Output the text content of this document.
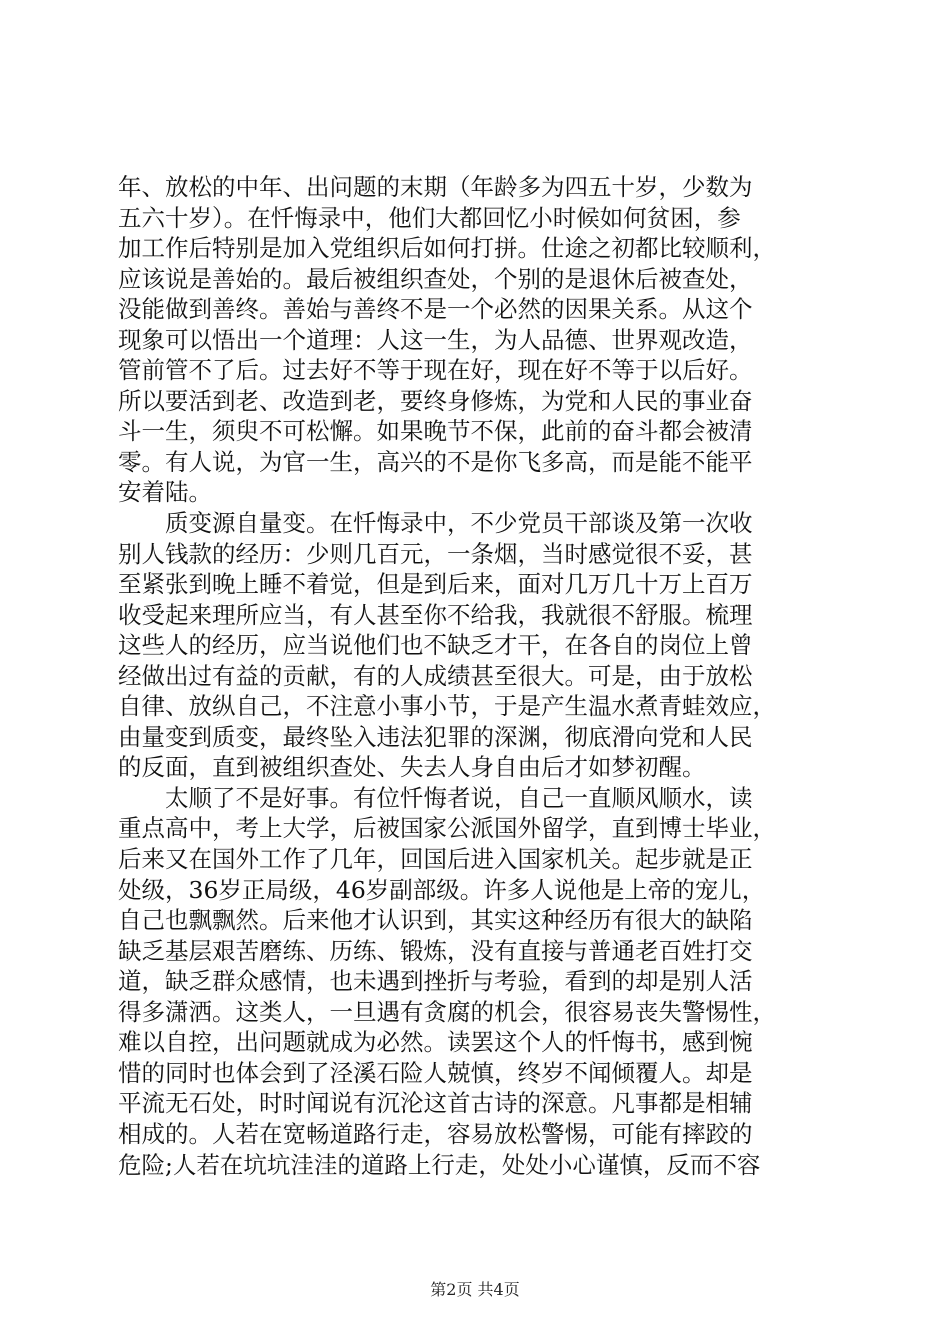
年、放松的中年、出问题的末期（年龄多为四五十岁，少数为
五六十岁）。在忏悔录中，他们大都回忆小时候如何贫困，参
加工作后特别是加入党组织后如何打拼。仕途之初都比较顺利，
应该说是善始的。最后被组织查处，个别的是退休后被查处，
没能做到善终。善始与善终不是一个必然的因果关系。从这个
现象可以悟出一个道理：人这一生，为人品德、世界观改造，
管前管不了后。过去好不等于现在好，现在好不等于以后好。
所以要活到老、改造到老，要终身修炼，为党和人民的事业奋
斗一生，须臾不可松懈。如果晚节不保，此前的奋斗都会被清
零。有人说，为官一生，高兴的不是你飞多高，而是能不能平
安着陆。
　　质变源自量变。在忏悔录中，不少党员干部谈及第一次收
别人钱款的经历：少则几百元，一条烟，当时感觉很不妥，甚
至紧张到晚上睡不着觉，但是到后来，面对几万几十万上百万
收受起来理所应当，有人甚至你不给我，我就很不舒服。梳理
这些人的经历，应当说他们也不缺乏才干，在各自的岗位上曾
经做出过有益的贡献，有的人成绩甚至很大。可是，由于放松
自律、放纵自己，不注意小事小节，于是产生温水煮青蛙效应，
由量变到质变，最终坠入违法犯罪的深渊，彻底滑向党和人民
的反面，直到被组织查处、失去人身自由后才如梦初醒。
　　太顺了不是好事。有位忏悔者说，自己一直顺风顺水，读
重点高中，考上大学，后被国家公派国外留学，直到博士毕业，
后来又在国外工作了几年，回国后进入国家机关。起步就是正
处级，36岁正局级，46岁副部级。许多人说他是上帝的宠儿，
自己也飘飘然。后来他才认识到，其实这种经历有很大的缺陷
缺乏基层艰苦磨练、历练、锻炼，没有直接与普通老百姓打交
道，缺乏群众感情，也未遇到挫折与考验，看到的却是别人活
得多潇洒。这类人，一旦遇有贪腐的机会，很容易丧失警惕性，
难以自控，出问题就成为必然。读罢这个人的忏悔书，感到惋
惜的同时也体会到了泾溪石险人兢慎，终岁不闻倾覆人。却是
平流无石处，时时闻说有沉沦这首古诗的深意。凡事都是相辅
相成的。人若在宽畅道路行走，容易放松警惕，可能有摔跤的
危险;人若在坑坑洼洼的道路上行走，处处小心谨慎，反而不容
第2页 共4页
